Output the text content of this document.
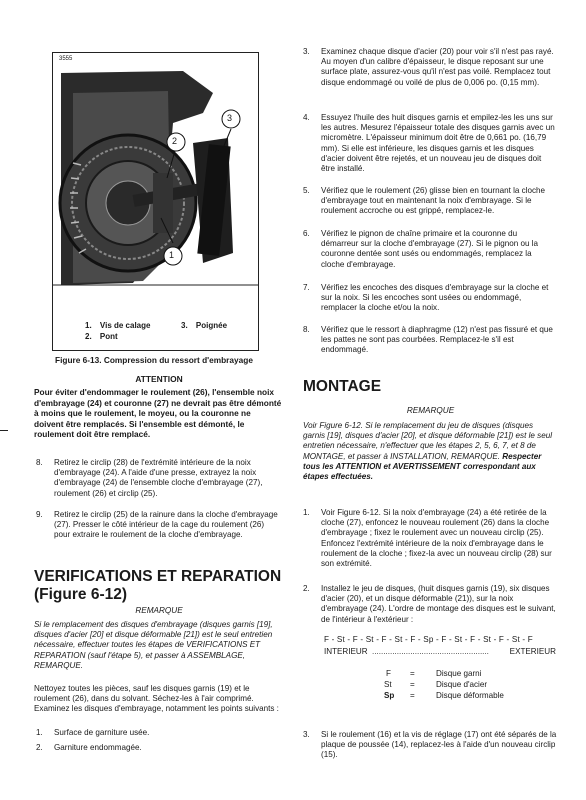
3555
1
2
3
1. Vis de calage	3. Poignée
2. Pont
Figure 6-13. Compression du ressort d'embrayage
ATTENTION
Pour éviter d'endommager le roulement (26), l'ensemble noix d'embrayage (24) et couronne (27) ne devrait pas être démonté à moins que le roulement, le moyeu, ou la couronne ne doivent être remplacés. Si l'ensemble est démonté, le roulement doit être remplacé.
8. Retirez le circlip (28) de l'extrémité intérieure de la noix d'embrayage (24). A l'aide d'une presse, extrayez la noix d'embrayage (24) de l'ensemble cloche d'embrayage (27), roulement (26) et circlip (25).
9. Retirez le circlip (25) de la rainure dans la cloche d'embrayage (27). Presser le côté intérieur de la cage du roulement (26) pour extraire le roulement de la cloche d'embrayage.
VERIFICATIONS ET REPARATION
(Figure 6-12)
REMARQUE
Si le remplacement des disques d'embrayage (disques garnis [19], disques d'acier [20] et disque déformable [21]) est le seul entretien nécessaire, effectuer toutes les étapes de VERIFICATIONS ET REPARATION (sauf l'étape 5), et passer à ASSEMBLAGE, REMARQUE.
Nettoyez toutes les pièces, sauf les disques garnis (19) et le roulement (26), dans du solvant. Séchez-les à l'air comprimé. Examinez les disques d'embrayage, notamment les points suivants :
1. Surface de garniture usée.
2. Garniture endommagée.
3. Examinez chaque disque d'acier (20) pour voir s'il n'est pas rayé. Au moyen d'un calibre d'épaisseur, le disque reposant sur une surface plate, assurez-vous qu'il n'est pas voilé. Remplacez tout disque endommagé ou voilé de plus de 0,006 po. (0,15 mm).
4. Essuyez l'huile des huit disques garnis et empilez-les les uns sur les autres. Mesurez l'épaisseur totale des disques garnis avec un micromètre. L'épaisseur minimum doit être de 0,661 po. (16,79 mm). Si elle est inférieure, les disques garnis et les disques d'acier doivent être rejetés, et un nouveau jeu de disques doit être installé.
5. Vérifiez que le roulement (26) glisse bien en tournant la cloche d'embrayage tout en maintenant la noix d'embrayage. Si le roulement accroche ou est grippé, remplacez-le.
6. Vérifiez le pignon de chaîne primaire et la couronne du démarreur sur la cloche d'embrayage (27). Si le pignon ou la couronne dentée sont usés ou endommagés, remplacez la cloche d'embrayage.
7. Vérifiez les encoches des disques d'embrayage sur la cloche et sur la noix. Si les encoches sont usées ou endommagé, remplacer la cloche et/ou la noix.
8. Vérifiez que le ressort à diaphragme (12) n'est pas fissuré et que les pattes ne sont pas courbées. Remplacez-le s'il est endommagé.
MONTAGE
REMARQUE
Voir Figure 6-12. Si le remplacement du jeu de disques (disques garnis [19], disques d'acier [20], et disque déformable [21]) est le seul entretien nécessaire, n'effectuer que les étapes 2, 5, 6, 7, et 8 de MONTAGE, et passer à INSTALLATION, REMARQUE. Respecter tous les ATTENTION et AVERTISSEMENT correspondant aux étapes effectuées.
1. Voir Figure 6-12. Si la noix d'embrayage (24) a été retirée de la cloche (27), enfoncez le nouveau roulement (26) dans la cloche d'embrayage ; fixez le roulement avec un nouveau circlip (25). Enfoncez l'extrémité intérieure de la noix d'embrayage dans le roulement de la cloche ; fixez-la avec un nouveau circlip (28) sur son extrémité.
2. Installez le jeu de disques, (huit disques garnis (19), six disques d'acier (20), et un disque déformable (21)), sur la noix d'embrayage (24). L'ordre de montage des disques est le suivant, de l'intérieur à l'extérieur :
F - St - F - St - F - St - F - Sp - F - St - F - St - F - St - F
INTERIEUR ....................................................	EXTERIEUR
F =	Disque garni
St =	Disque d'acier
Sp =	Disque déformable
3. Si le roulement (16) et la vis de réglage (17) ont été séparés de la plaque de poussée (14), replacez-les à l'aide d'un nouveau circlip (15).
